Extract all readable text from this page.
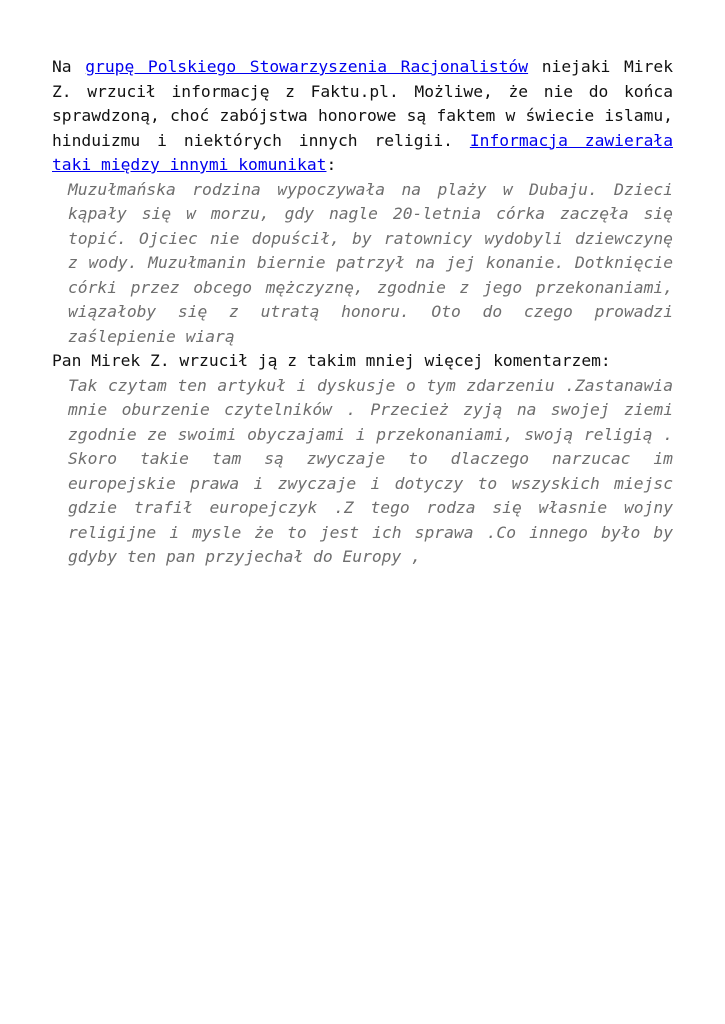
Na grupę Polskiego Stowarzyszenia Racjonalistów niejaki Mirek Z. wrzucił informację z Faktu.pl. Możliwe, że nie do końca sprawdzoną, choć zabójstwa honorowe są faktem w świecie islamu, hinduizmu i niektórych innych religii. Informacja zawierała taki między innymi komunikat:

Muzułmańska rodzina wypoczywała na plaży w Dubaju. Dzieci kąpały się w morzu, gdy nagle 20-letnia córka zaczęła się topić. Ojciec nie dopuścił, by ratownicy wydobyli dziewczynę z wody. Muzułmanin biernie patrzył na jej konanie. Dotknięcie córki przez obcego mężczyznę, zgodnie z jego przekonaniami, wiązałoby się z utratą honoru. Oto do czego prowadzi zaślepienie wiarą

Pan Mirek Z. wrzucił ją z takim mniej więcej komentarzem:

Tak czytam ten artykuł i dyskusje o tym zdarzeniu .Zastanawia mnie oburzenie czytelników . Przecież zyją na swojej ziemi zgodnie ze swoimi obyczajami i przekonaniami, swoją religią . Skoro takie tam są zwyczaje to dlaczego narzucac im europejskie prawa i zwyczaje i dotyczy to wszyskich miejsc gdzie trafił europejczyk .Z tego rodza się własnie wojny religijne i mysle że to jest ich sprawa .Co innego było by gdyby ten pan przyjechał do Europy ,
